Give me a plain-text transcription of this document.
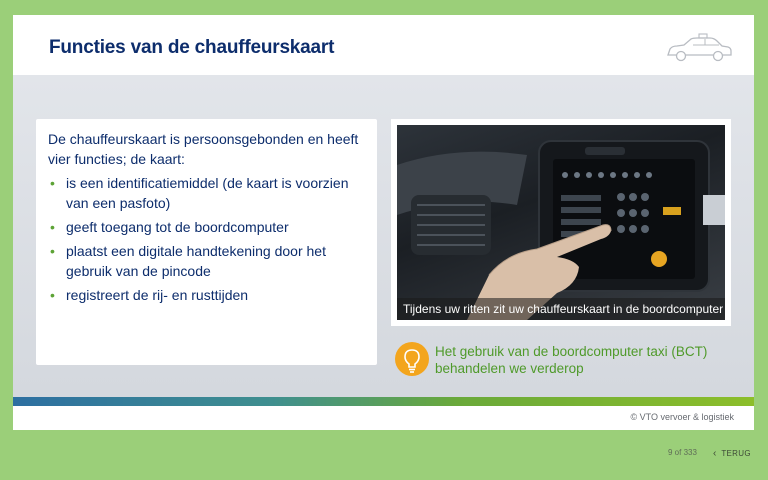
Functies van de chauffeurskaart

De chauffeurskaart is persoonsgebonden en heeft vier functies; de kaart:

• is een identificatiemiddel (de kaart is voorzien van een pasfoto)
• geeft toegang tot de boordcomputer
• plaatst een digitale handtekening door het gebruik van de pincode
• registreert de rij- en rusttijden
Tijdens uw ritten zit uw chauffeurskaart in de boordcomputer
Het gebruik van de boordcomputer taxi (BCT) behandelen we verderop
© VTO vervoer & logistiek
9 of 333 ‹ TERUG
